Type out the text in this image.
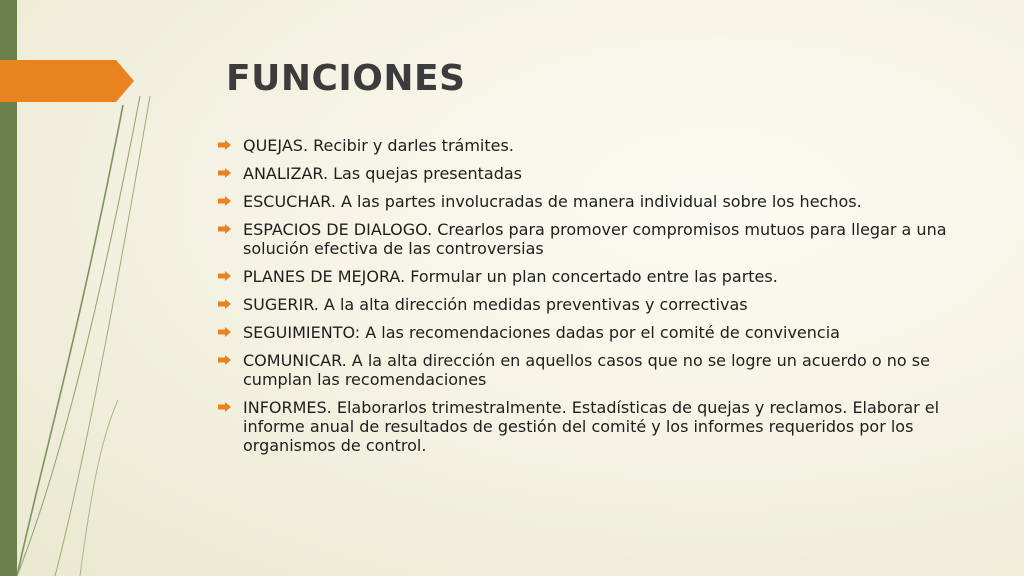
FUNCIONES
QUEJAS. Recibir y darles trámites.
ANALIZAR. Las quejas presentadas
ESCUCHAR. A las partes involucradas de manera individual sobre los hechos.
ESPACIOS DE DIALOGO. Crearlos para promover compromisos mutuos para llegar a una solución efectiva de las controversias
PLANES DE MEJORA. Formular un plan concertado entre las partes.
SUGERIR. A la alta dirección medidas preventivas y correctivas
SEGUIMIENTO: A las recomendaciones dadas por el comité de convivencia
COMUNICAR. A la alta dirección en aquellos casos que no se logre un acuerdo o no se cumplan las recomendaciones
INFORMES. Elaborarlos trimestralmente. Estadísticas de quejas y reclamos. Elaborar el informe anual de resultados de gestión del comité y los informes requeridos por los organismos de control.
